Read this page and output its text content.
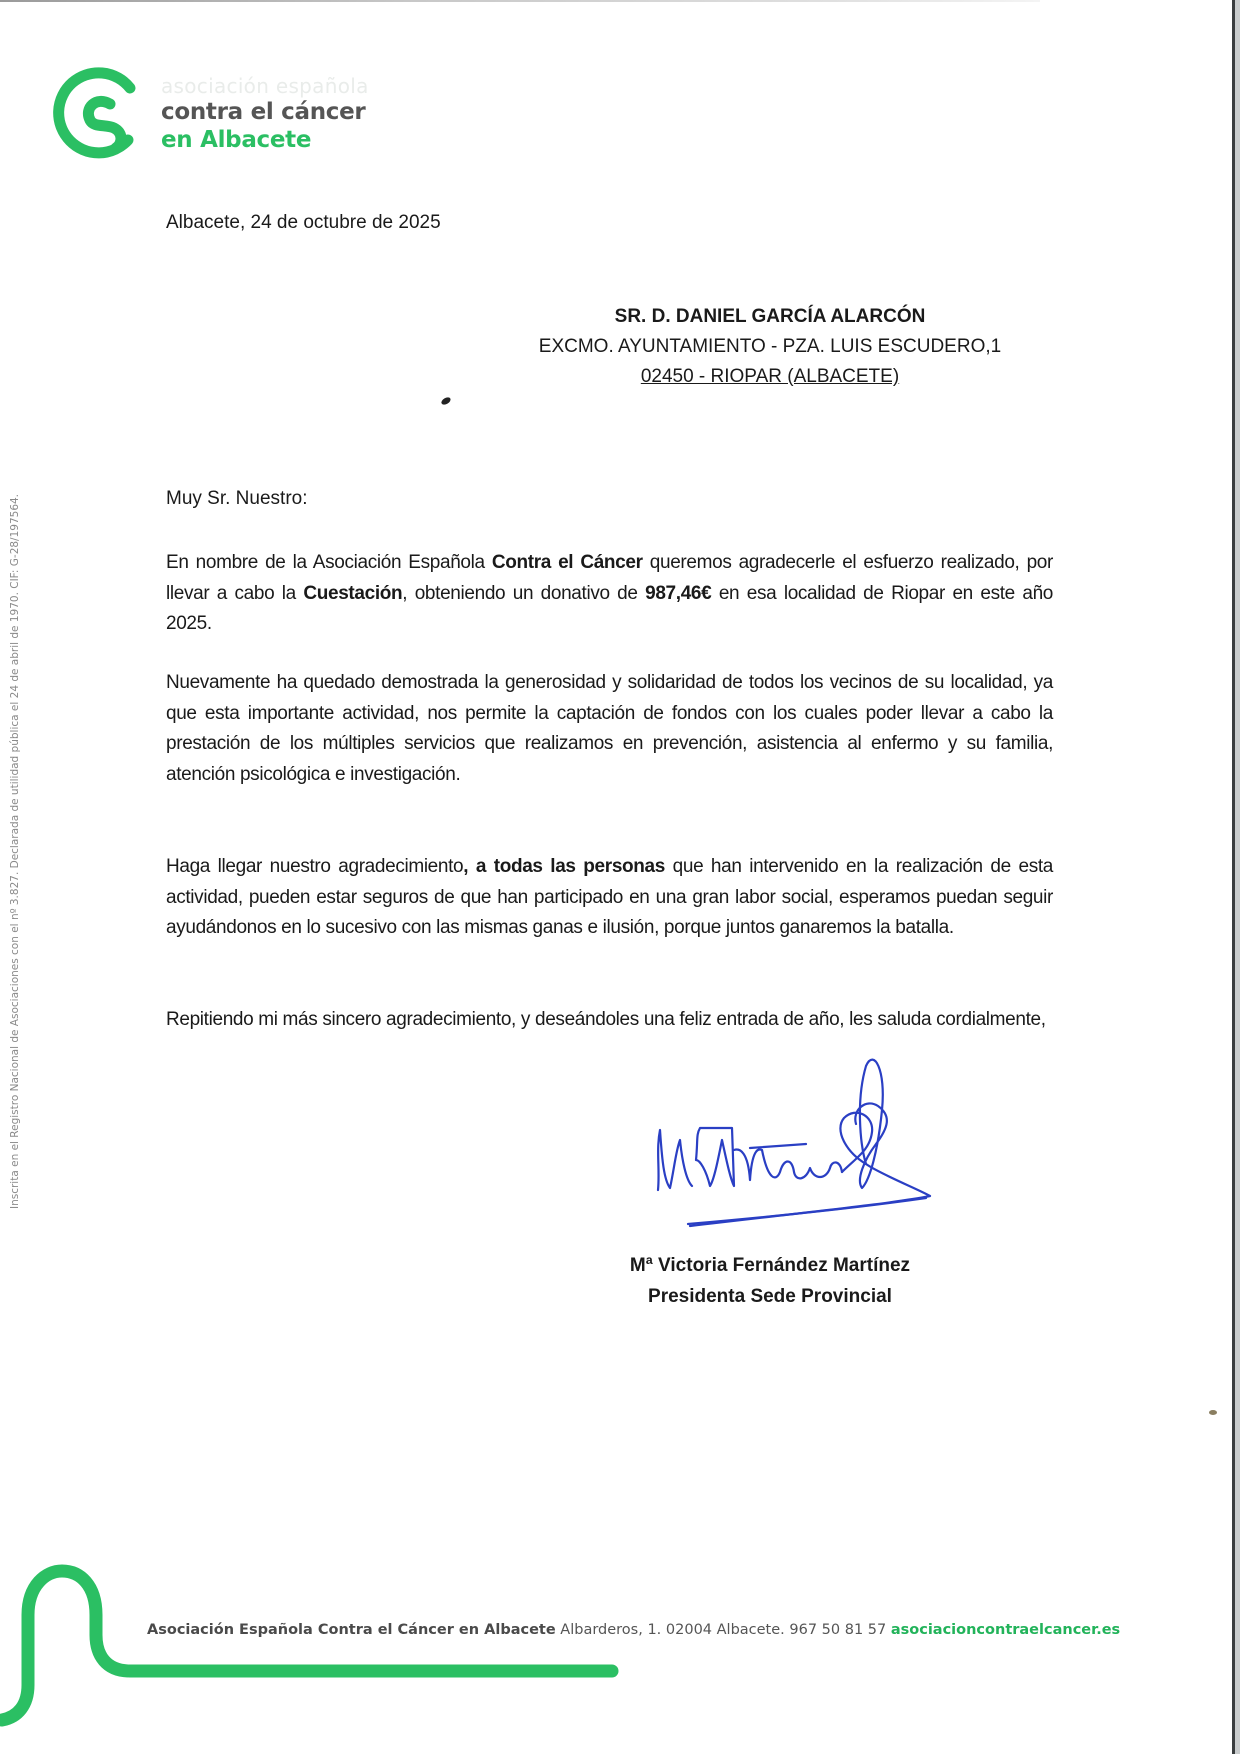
asociación española
contra el cáncer
en Albacete
Albacete, 24 de octubre de 2025
SR. D. DANIEL GARCÍA ALARCÓN
EXCMO. AYUNTAMIENTO - PZA. LUIS ESCUDERO,1
02450 - RIOPAR (ALBACETE)
Muy Sr. Nuestro:
En nombre de la Asociación Española Contra el Cáncer queremos agradecerle el esfuerzo realizado, por llevar a cabo la Cuestación, obteniendo un donativo de 987,46€ en esa localidad de Riopar en este año 2025.
Nuevamente ha quedado demostrada la generosidad y solidaridad de todos los vecinos de su localidad, ya que esta importante actividad, nos permite la captación de fondos con los cuales poder llevar a cabo la prestación de los múltiples servicios que realizamos en prevención, asistencia al enfermo y su familia, atención psicológica e investigación.
Haga llegar nuestro agradecimiento, a todas las personas que han intervenido en la realización de esta actividad, pueden estar seguros de que han participado en una gran labor social, esperamos puedan seguir ayudándonos en lo sucesivo con las mismas ganas e ilusión, porque juntos ganaremos la batalla.
Repitiendo mi más sincero agradecimiento, y deseándoles una feliz entrada de año, les saluda cordialmente,
Mª Victoria Fernández Martínez
Presidenta Sede Provincial
Inscrita en el Registro Nacional de Asociaciones con el nº 3.827. Declarada de utilidad pública el 24 de abril de 1970. CIF: G-28/197564.
Asociación Española Contra el Cáncer en Albacete Albarderos, 1. 02004 Albacete. 967 50 81 57 asociacioncontraelcancer.es
